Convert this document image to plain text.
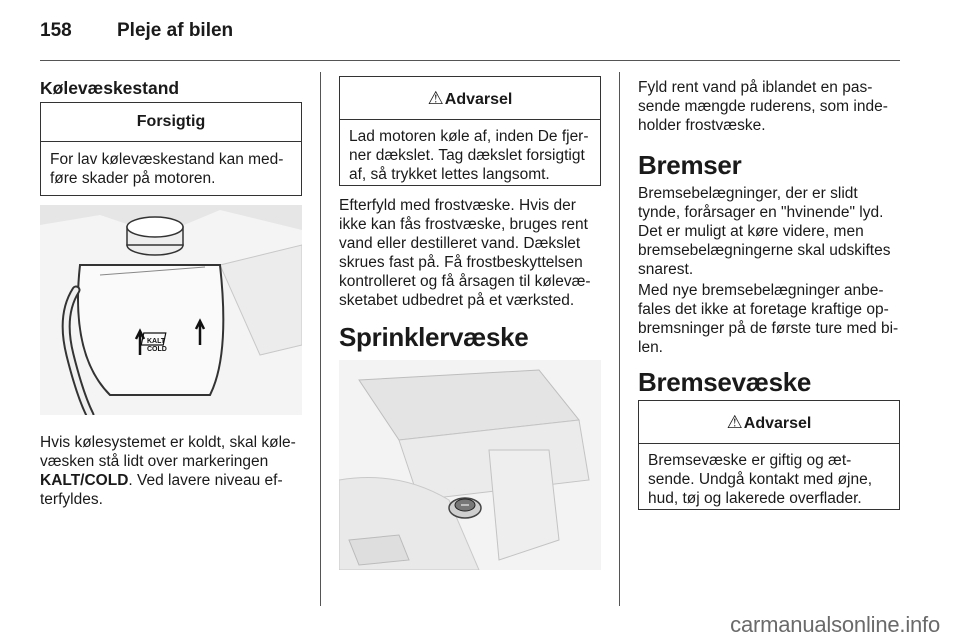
158 Pleje af bilen
Kølevæskestand
Forsigtig
For lav kølevæskestand kan med-
føre skader på motoren.
KALT
COLD
Hvis kølesystemet er koldt, skal køle-
væsken stå lidt over markeringen
KALT/COLD. Ved lavere niveau ef-
terfyldes.
⚠Advarsel
Lad motoren køle af, inden De fjer-
ner dækslet. Tag dækslet forsigtigt
af, så trykket lettes langsomt.
Efterfyld med frostvæske. Hvis der
ikke kan fås frostvæske, bruges rent
vand eller destilleret vand. Dækslet
skrues fast på. Få frostbeskyttelsen
kontrolleret og få årsagen til kølevæ-
sketabet udbedret på et værksted.
Sprinklervæske
Fyld rent vand på iblandet en pas-
sende mængde ruderens, som inde-
holder frostvæske.
Bremser
Bremsebelægninger, der er slidt
tynde, forårsager en "hvinende" lyd.
Det er muligt at køre videre, men
bremsebelægningerne skal udskiftes
snarest.
Med nye bremsebelægninger anbe-
fales det ikke at foretage kraftige op-
bremsninger på de første ture med bi-
len.
Bremsevæske
⚠Advarsel
Bremsevæske er giftig og æt-
sende. Undgå kontakt med øjne,
hud, tøj og lakerede overflader.
carmanualsonline.info
